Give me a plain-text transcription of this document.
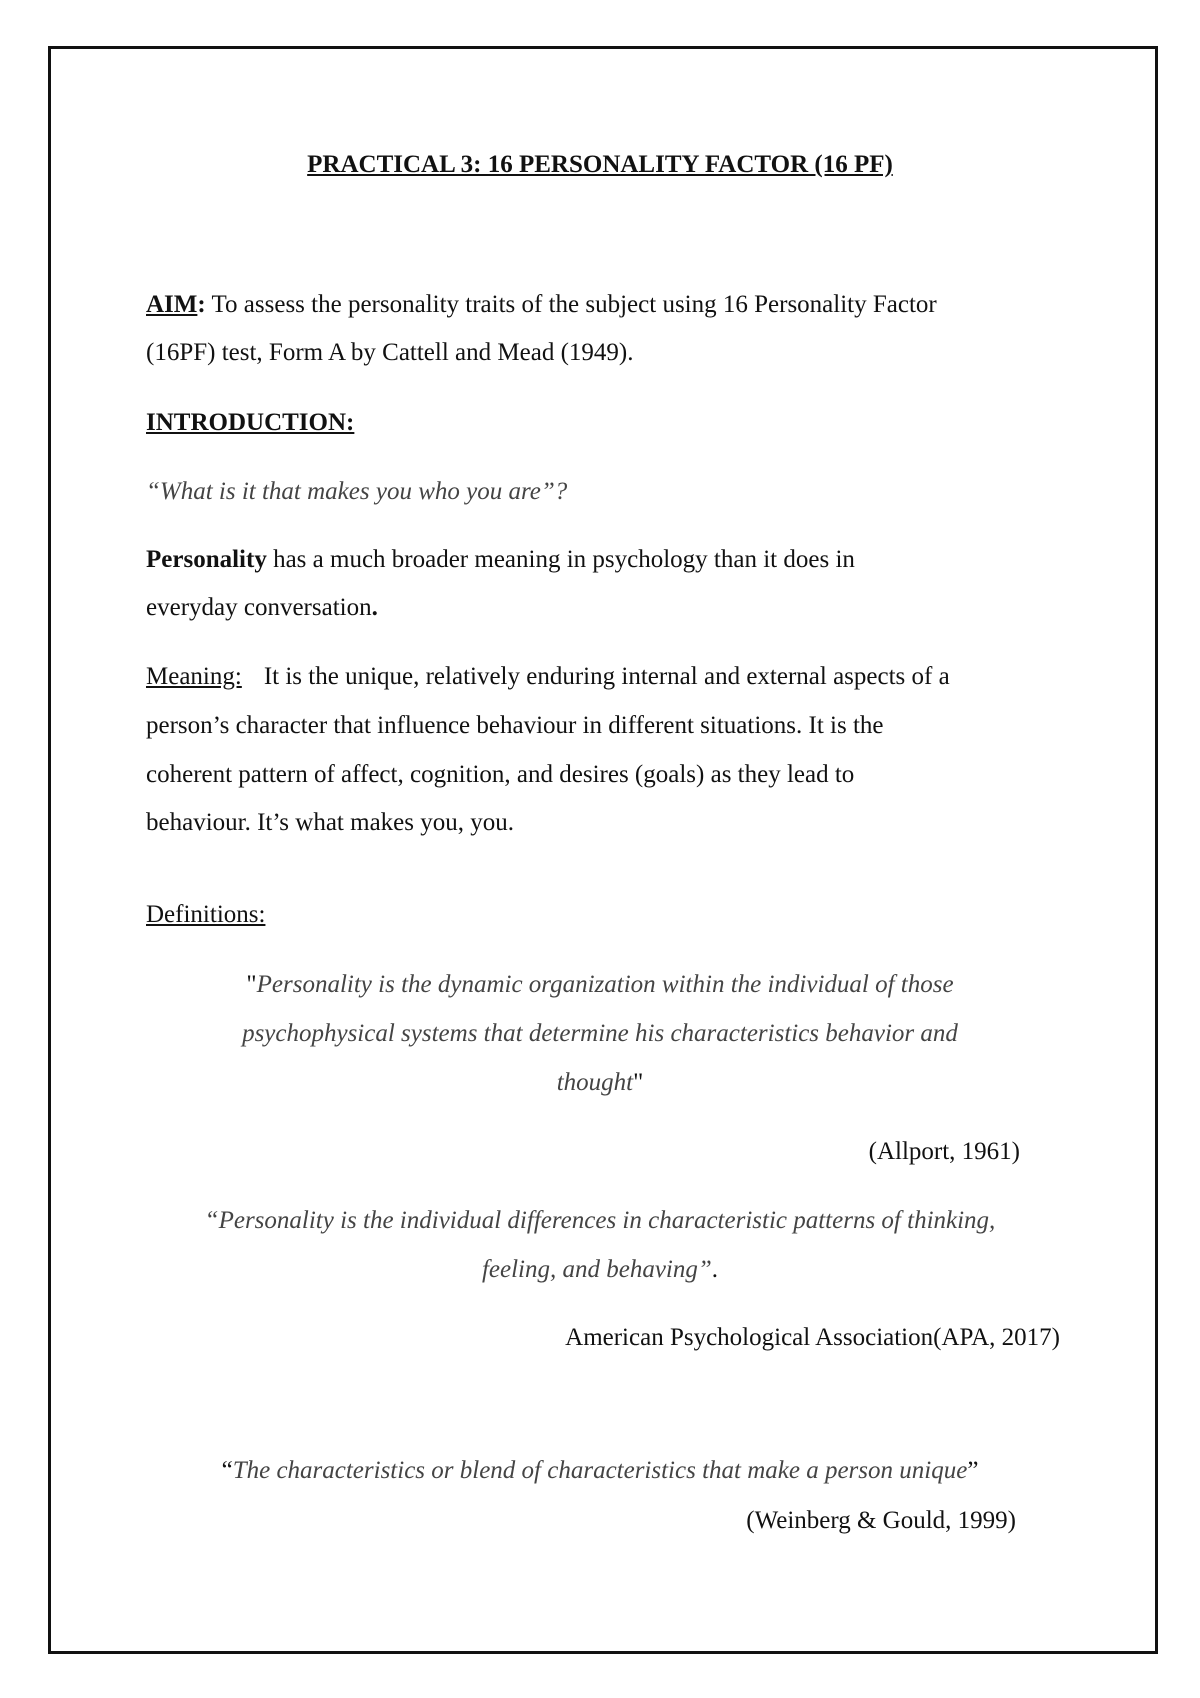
PRACTICAL 3: 16 PERSONALITY FACTOR (16 PF)
AIM: To assess the personality traits of the subject using 16 Personality Factor
(16PF) test, Form A by Cattell and Mead (1949).
INTRODUCTION:
“What is it that makes you who you are”?
Personality has a much broader meaning in psychology than it does in
everyday conversation.
Meaning: It is the unique, relatively enduring internal and external aspects of a
person’s character that influence behaviour in different situations. It is the
coherent pattern of affect, cognition, and desires (goals) as they lead to
behaviour. It’s what makes you, you.
Definitions:
"Personality is the dynamic organization within the individual of those
psychophysical systems that determine his characteristics behavior and
thought"
(Allport, 1961)
“Personality is the individual differences in characteristic patterns of thinking,
feeling, and behaving”.
American Psychological Association(APA, 2017)
“The characteristics or blend of characteristics that make a person unique”
(Weinberg & Gould, 1999)
